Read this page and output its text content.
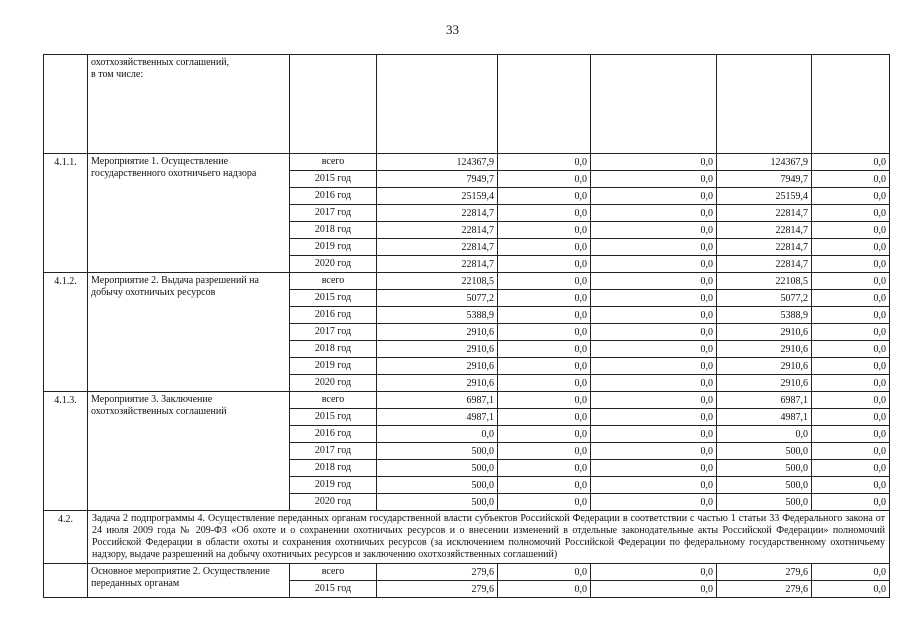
33
	охотхозяйственных соглашений,
в том числе:						
4.1.1.	Мероприятие 1. Осуществление государственного охотничьего надзора	всего	124367,9	0,0	0,0	124367,9	0,0
		2015 год	7949,7	0,0	0,0	7949,7	0,0
		2016 год	25159,4	0,0	0,0	25159,4	0,0
		2017 год	22814,7	0,0	0,0	22814,7	0,0
		2018 год	22814,7	0,0	0,0	22814,7	0,0
		2019 год	22814,7	0,0	0,0	22814,7	0,0
		2020 год	22814,7	0,0	0,0	22814,7	0,0
4.1.2.	Мероприятие 2. Выдача разрешений на добычу охотничьих ресурсов	всего	22108,5	0,0	0,0	22108,5	0,0
		2015 год	5077,2	0,0	0,0	5077,2	0,0
		2016 год	5388,9	0,0	0,0	5388,9	0,0
		2017 год	2910,6	0,0	0,0	2910,6	0,0
		2018 год	2910,6	0,0	0,0	2910,6	0,0
		2019 год	2910,6	0,0	0,0	2910,6	0,0
		2020 год	2910,6	0,0	0,0	2910,6	0,0
4.1.3.	Мероприятие 3. Заключение охотхозяйственных соглашений	всего	6987,1	0,0	0,0	6987,1	0,0
		2015 год	4987,1	0,0	0,0	4987,1	0,0
		2016 год	0,0	0,0	0,0	0,0	0,0
		2017 год	500,0	0,0	0,0	500,0	0,0
		2018 год	500,0	0,0	0,0	500,0	0,0
		2019 год	500,0	0,0	0,0	500,0	0,0
		2020 год	500,0	0,0	0,0	500,0	0,0
4.2.	Задача 2 подпрограммы 4. Осуществление переданных органам государственной власти субъектов Российской Федерации в соответствии с частью 1 статьи 33 Федерального закона от 24 июля 2009 года № 209-ФЗ «Об охоте и о сохранении охотничьих ресурсов и о внесении изменений в отдельные законодательные акты Российской Федерации» полномочий Российской Федерации в области охоты и сохранения охотничьих ресурсов (за исключением полномочий Российской Федерации по федеральному государственному охотничьему надзору, выдаче разрешений на добычу охотничьих ресурсов и заключению охотхозяйственных соглашений)						
	Основное мероприятие 2. Осуществление переданных органам	всего	279,6	0,0	0,0	279,6	0,0
		2015 год	279,6	0,0	0,0	279,6	0,0
